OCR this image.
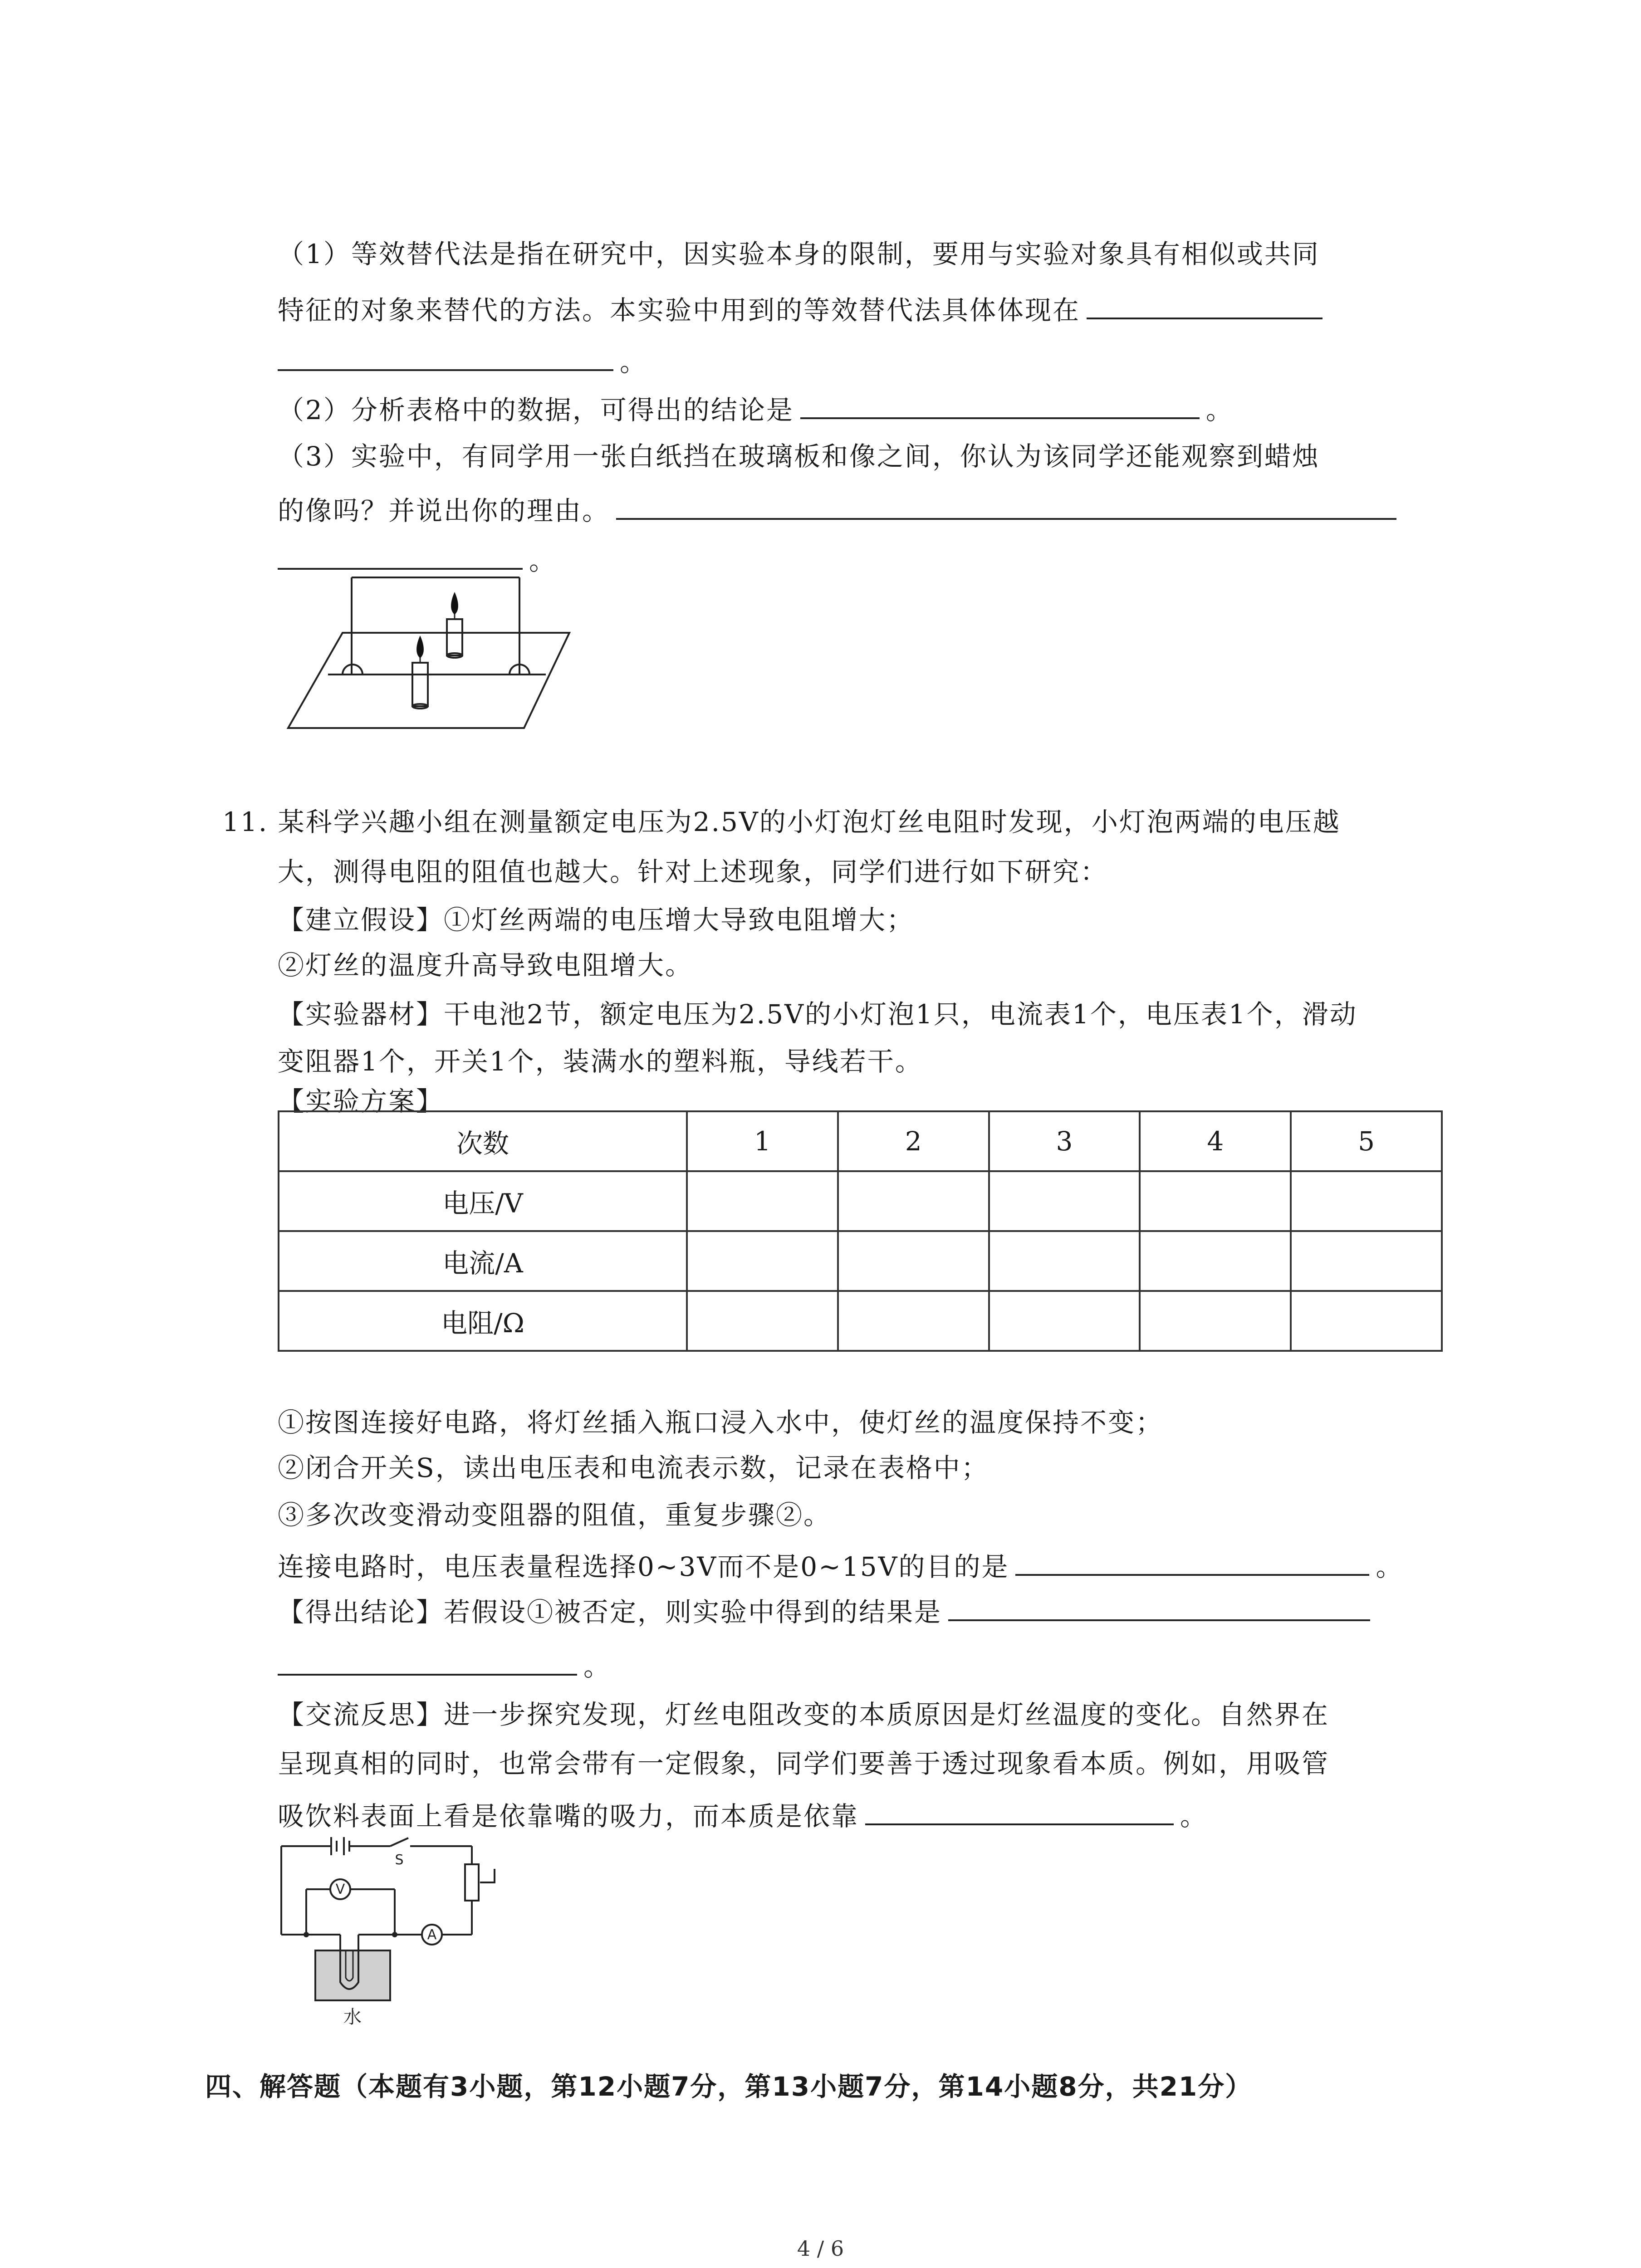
（1）等效替代法是指在研究中，因实验本身的限制，要用与实验对象具有相似或共同
特征的对象来替代的方法。本实验中用到的等效替代法具体体现在
。
（2）分析表格中的数据，可得出的结论是	。
（3）实验中，有同学用一张白纸挡在玻璃板和像之间，你认为该同学还能观察到蜡烛
的像吗？并说出你的理由。
。
11. 某科学兴趣小组在测量额定电压为2.5V的小灯泡灯丝电阻时发现，小灯泡两端的电压越
大，测得电阻的阻值也越大。针对上述现象，同学们进行如下研究：
【建立假设】①灯丝两端的电压增大导致电阻增大；
②灯丝的温度升高导致电阻增大。
【实验器材】干电池2节，额定电压为2.5V的小灯泡1只，电流表1个，电压表1个，滑动
变阻器1个，开关1个，装满水的塑料瓶，导线若干。
【实验方案】
次数	1	2	3	4	5
电压/V					
电流/A					
电阻/Ω					
①按图连接好电路，将灯丝插入瓶口浸入水中，使灯丝的温度保持不变；
②闭合开关S，读出电压表和电流表示数，记录在表格中；
③多次改变滑动变阻器的阻值，重复步骤②。
连接电路时，电压表量程选择0~3V而不是0~15V的目的是	。
【得出结论】若假设①被否定，则实验中得到的结果是
。
【交流反思】进一步探究发现，灯丝电阻改变的本质原因是灯丝温度的变化。自然界在
呈现真相的同时，也常会带有一定假象，同学们要善于透过现象看本质。例如，用吸管
吸饮料表面上看是依靠嘴的吸力，而本质是依靠	。
V
A
S
水
四、解答题（本题有3小题，第12小题7分，第13小题7分，第14小题8分，共21分）
4 / 6
